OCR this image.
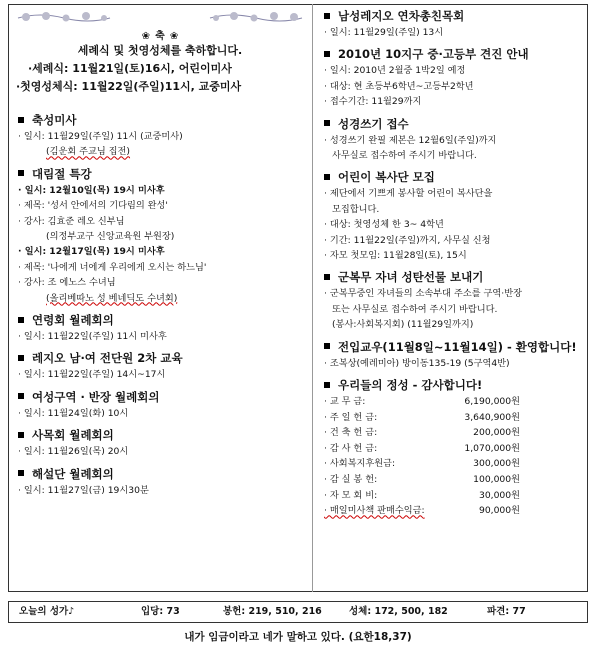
❀ 축 ❀
세례식 및 첫영성체를 축하합니다.
·세례식: 11월21일(토)16시, 어린이미사
·첫영성체식: 11월22일(주일)11시, 교중미사
축성미사
· 일시: 11월29일(주일) 11시 (교중미사)
(김운회 주교님 집전)
대림절 특강
· 일시: 12월10일(목) 19시 미사후
· 제목: '성서 안에서의 기다림의 완성'
· 강사: 김효준 레오 신부님
(의정부교구 신앙교육원 부원장)
· 일시: 12월17일(목) 19시 미사후
· 제목: '나에게 너에게 우리에게 오시는 하느님'
· 강사: 조 에노스 수녀님
(올리베따노 성 베네딕도 수녀회)
연령회 월례회의
· 일시: 11월22일(주일) 11시 미사후
레지오 남·여 전단원 2차 교육
· 일시: 11월22일(주일) 14시~17시
여성구역 · 반장 월례회의
· 일시: 11월24일(화) 10시
사목회 월례회의
· 일시: 11월26일(목) 20시
해설단 월례회의
· 일시: 11월27일(금) 19시30분
남성레지오 연차총친목회
· 일시: 11월29일(주일) 13시
2010년 10지구 중·고등부 견진 안내
· 일시: 2010년 2월중 1박2일 예정
· 대상: 현 초등부6학년~고등부2학년
· 접수기간: 11월29까지
성경쓰기 접수
· 성경쓰기 완필 제본은 12월6일(주일)까지
사무실로 접수하여 주시기 바랍니다.
어린이 복사단 모집
· 제단에서 기쁘게 봉사할 어린이 복사단을
모집합니다.
· 대상: 첫영성체 한 3~ 4학년
· 기간: 11월22일(주일)까지, 사무실 신청
· 자모 첫모임: 11월28일(토), 15시
군복무 자녀 성탄선물 보내기
· 군복무중인 자녀들의 소속부대 주소를 구역·반장
또는 사무실로 접수하여 주시기 바랍니다.
(봉사:사회복지회) (11월29일까지)
전입교우(11월8일~11월14일) - 환영합니다!
· 조복상(예레미아) 방이동135-19 (5구역4반)
우리들의 정성 - 감사합니다!
· 교 무 금:	6,190,000원
· 주 일 헌 금:	3,640,900원
· 건 축 헌 금:	200,000원
· 감 사 헌 금:	1,070,000원
· 사회복지후원금:	300,000원
· 감 실 봉 헌:	100,000원
· 자 모 회 비:	30,000원
· 매일미사책 판매수익금:	90,000원
오늘의 성가♪	입당: 73	봉헌: 219, 510, 216	성체: 172, 500, 182	파견: 77
내가 임금이라고 네가 말하고 있다. (요한18,37)
